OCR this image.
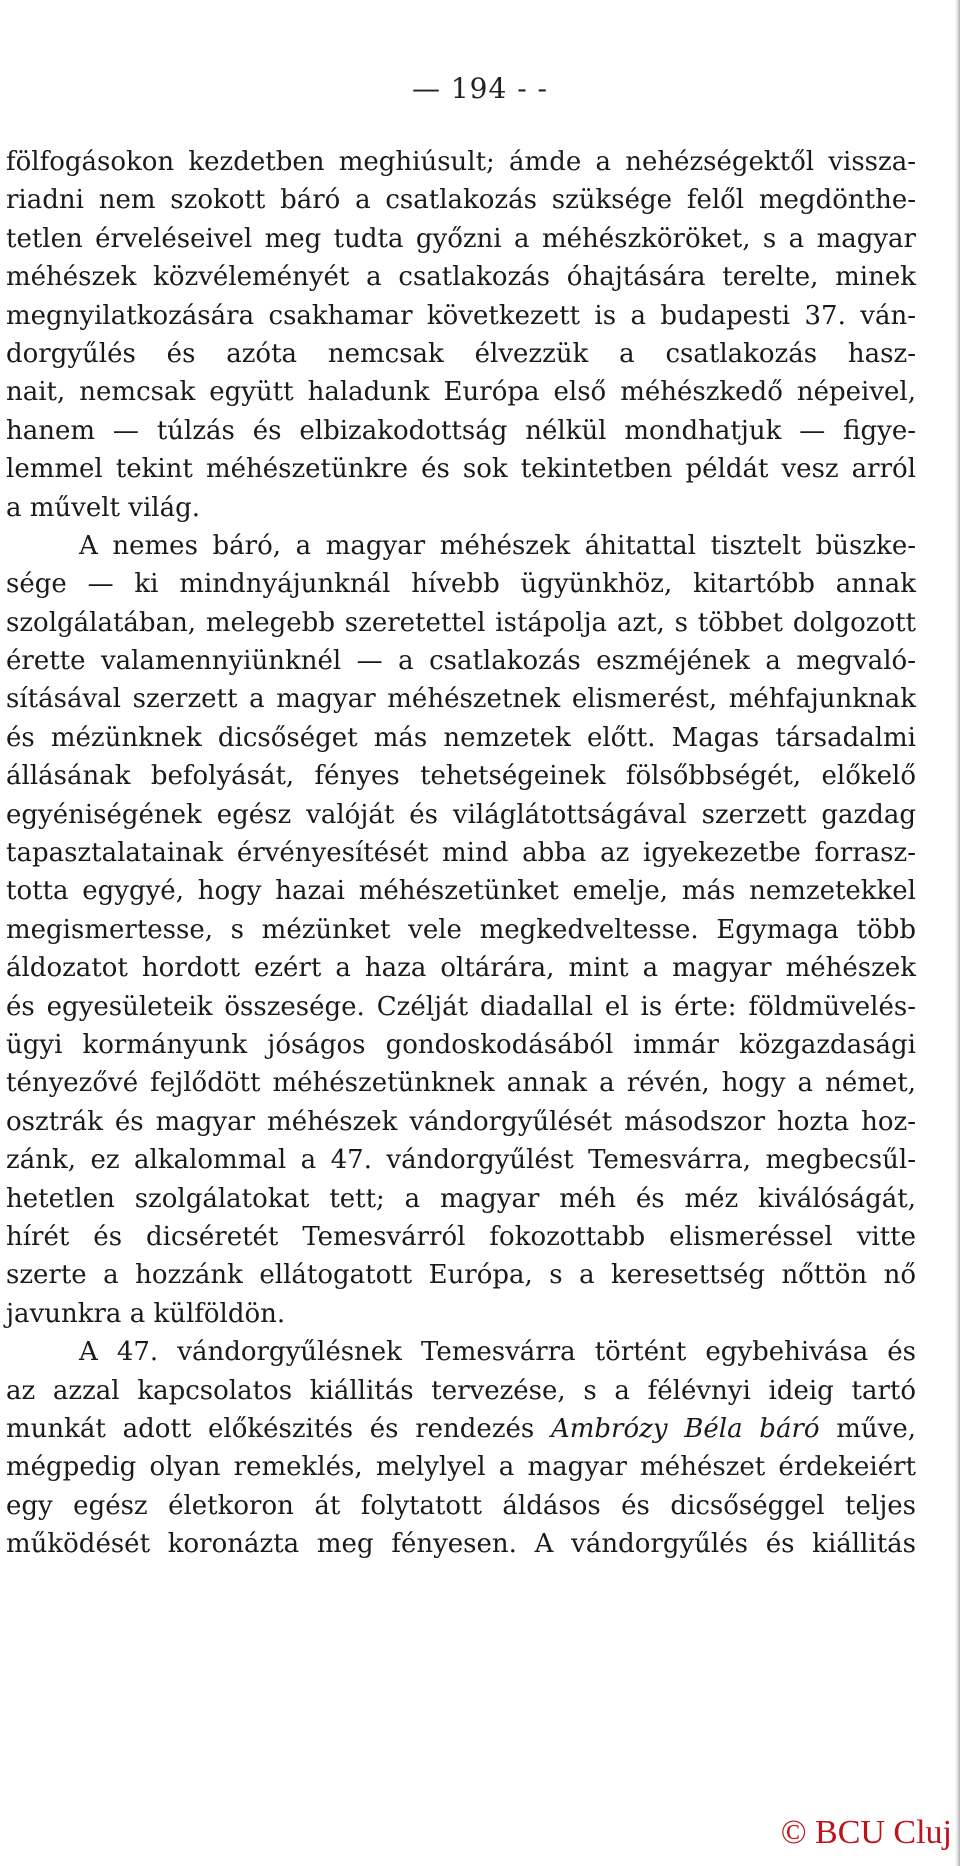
— 194 - -
fölfogásokon kezdetben meghiúsult; ámde a nehézségektől vissza-
riadni nem szokott báró a csatlakozás szüksége felől megdönthe-
tetlen érveléseivel meg tudta győzni a méhészköröket, s a magyar
méhészek közvéleményét a csatlakozás óhajtására terelte, minek
megnyilatkozására csakhamar következett is a budapesti 37. ván-
dorgyűlés és azóta nemcsak élvezzük a csatlakozás hasz-
nait, nemcsak együtt haladunk Európa első méhészkedő népeivel,
hanem — túlzás és elbizakodottság nélkül mondhatjuk — figye-
lemmel tekint méhészetünkre és sok tekintetben példát vesz arról
a művelt világ.
A nemes báró, a magyar méhészek áhitattal tisztelt büszke-
sége — ki mindnyájunknál hívebb ügyünkhöz, kitartóbb annak
szolgálatában, melegebb szeretettel istápolja azt, s többet dolgozott
érette valamennyiünknél — a csatlakozás eszméjének a megvaló-
sításával szerzett a magyar méhészetnek elismerést, méhfajunknak
és mézünknek dicsőséget más nemzetek előtt. Magas társadalmi
állásának befolyását, fényes tehetségeinek fölsőbbségét, előkelő
egyéniségének egész valóját és világlátottságával szerzett gazdag
tapasztalatainak érvényesítését mind abba az igyekezetbe forrasz-
totta egygyé, hogy hazai méhészetünket emelje, más nemzetekkel
megismertesse, s mézünket vele megkedveltesse. Egymaga több
áldozatot hordott ezért a haza oltárára, mint a magyar méhészek
és egyesületeik összesége. Czélját diadallal el is érte: földmüvelés-
ügyi kormányunk jóságos gondoskodásából immár közgazdasági
tényezővé fejlődött méhészetünknek annak a révén, hogy a német,
osztrák és magyar méhészek vándorgyűlését másodszor hozta hoz-
zánk, ez alkalommal a 47. vándorgyűlést Temesvárra, megbecsűl-
hetetlen szolgálatokat tett; a magyar méh és méz kiválóságát,
hírét és dicséretét Temesvárról fokozottabb elismeréssel vitte
szerte a hozzánk ellátogatott Európa, s a keresettség nőttön nő
javunkra a külföldön.
A 47. vándorgyűlésnek Temesvárra történt egybehivása és
az azzal kapcsolatos kiállitás tervezése, s a félévnyi ideig tartó
munkát adott előkészités és rendezés Ambrózy Béla báró műve,
mégpedig olyan remeklés, melylyel a magyar méhészet érdekeiért
egy egész életkoron át folytatott áldásos és dicsőséggel teljes
működését koronázta meg fényesen. A vándorgyűlés és kiállitás
© BCU Cluj
